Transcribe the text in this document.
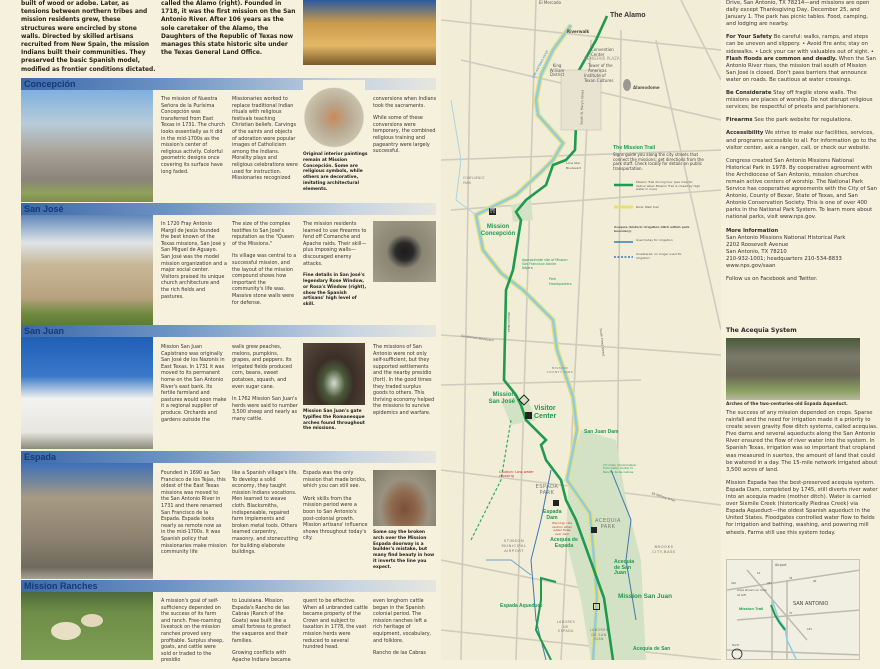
built of wood or adobe. Later, as tensions between northern tribes and mission residents grew, these structures were encircled by stone walls. Directed by skilled artisans recruited from New Spain, the mission Indians built their communities. They preserved the basic Spanish model, modified as frontier conditions dictated.
called the Alamo (right). Founded in 1718, it was the first mission on the San Antonio River. After 106 years as the sole caretaker of the Alamo, the Daughters of the Republic of Texas now manages this state historic site under the Texas General Land Office.
Concepción
The mission of Nuestra Señora de la Purísima Concepción was transferred from East Texas in 1731. The church looks essentially as it did in the mid-1700s as the mission's center of religious activity. Colorful geometric designs once covering its surface have long faded.
Missionaries worked to replace traditional Indian rituals with religious festivals teaching Christian beliefs. Carvings of the saints and objects of adoration were popular images of Catholicism among the Indians. Morality plays and religious celebrations were used for instruction. Missionaries recognized
Original interior paintings remain at Mission Concepción. Some are religious symbols, while others are decorative, imitating architectural elements.

conversions when Indians took the sacraments.

While some of these conversions were temporary, the combined religious training and pageantry were largely successful.

San José
In 1720 Fray Antonio Margil de Jesús founded the best known of the Texas missions, San José y San Miguel de Aguayo. San José was the model mission organization and a major social center. Visitors praised its unique church architecture and the rich fields and pastures.

The size of the complex testifies to San José's reputation as the "Queen of the Missions."

Its village was central to a successful mission, and the layout of the mission compound shows how important the community's life was. Massive stone walls were for defense.

The mission residents learned to use firearms to fend off Comanche and Apache raids. Their skill—plus imposing walls—discouraged enemy attacks.

Fine details in San José's legendary Rose Window, or Rosa's Window (right), show the Spanish artisans' high level of skill.

San Juan
Mission San Juan Capistrano was originally San José de los Nazonis in East Texas. In 1731 it was moved to its permanent home on the San Antonio River's east bank. Its fertile farmland and pastures would soon make it a regional supplier of produce. Orchards and gardens outside the

walls grew peaches, melons, pumpkins, grapes, and peppers. Its irrigated fields produced corn, beans, sweet potatoes, squash, and even sugar cane.

In 1762 Mission San Juan's herds were said to number 3,500 sheep and nearly as many cattle.

Mission San Juan's gate typifies the Romanesque arches found throughout the missions.
The missions of San Antonio were not only self-sufficient, but they supported settlements and the nearby presidio (fort). In the good times they traded surplus goods to others. This thriving economy helped the missions to survive epidemics and warfare.
Espada
Founded in 1690 as San Francisco de los Tejas, this oldest of the East Texas missions was moved to the San Antonio River in 1731 and there renamed San Francisco de la Espada. Espada looks nearly as remote now as in the mid-1700s. It was Spanish policy that missionaries make mission community life
like a Spanish village's life. To develop a solid economy, they taught mission Indians vocations. Men learned to weave cloth. Blacksmiths, indispensable, repaired farm implements and broken metal tools. Others learned carpentry, masonry, and stonecutting for building elaborate buildings.

Espada was the only mission that made bricks, which you can still see.

Work skills from the mission period were a boon to San Antonio's post-colonial growth. Mission artisans' influence shows throughout today's city.

Some say the broken arch over the Mission Espada doorway is a builder's mistake, but many find beauty in how it inverts the line you expect.
Mission Ranches
A mission's goal of self-sufficiency depended on the success of its farm and ranch. Free-roaming livestock on the mission ranches proved very profitable. Surplus sheep, goats, and cattle were sold or traded to the presidio

to Louisiana. Mission Espada's Rancho de las Cabras (Ranch of the Goats) was built like a small fortress to protect the vaqueros and their families.

Growing conflicts with Apache Indians became

quent to be effective. When all unbranded cattle became property of the Crown and subject to taxation in 1778, the vast mission herds were reduced to several hundred head.

even longhorn cattle began in the Spanish colonial period. The mission ranches left a rich heritage of equipment, vocabulary, and folklore.

Rancho de las Cabras

El Mercado
The Alamo
Riverwalk
Convention Center
HEMISFAIR PLAZA
Tower of the Americas
Institute of Texan Cultures
Alamodome
King William District
SAN ANTONIO RIVER
South St. Mary's Street
Lone Star Boulevard
CONFLUENCE PARK
The Mission Trail
Signs guide you along the city streets that connect the missions; get directions from the park staff. Check locally for details on public transportation.
Mission Trail driving tour (see map for detour when Mission Trail is closed by high water in river)
River Walk trail
Acequia (historic irrigation ditch within park boundary)
Used today for irrigation
Unwatered, no longer used for irrigation
⛩
Mission Concepción
Approximate site of Mission San Francisco Xavier Nájera
Park Headquarters
Mission Road
Southcross Boulevard	South Presa Street
MISSION COUNTY PARK
Mission San José
Visitor Center
San Juan Dam
2½ miles (4 kilometers) from Visitor Center to Rancho de las Cabras
Caution: Low-water crossing
ESPADA PARK	SE Military Drive
Espada Dam
Warning: Use caution when water flows over dam
ACEQUIA PARK
Acequia de Espada
STINSON MUNICIPAL AIRPORT
BROOKS CITY-BASE
Acequia de San Juan
Mission San Juan
Espada Aqueduct
LABORES DE ESPADA	LABORES DE SAN JUAN
Acequia de San

Drive, San Antonio, TX 78214—and missions are open daily except Thanksgiving Day, December 25, and January 1. The park has picnic tables. Food, camping, and lodging are nearby.

For Your Safety Be careful: walks, ramps, and steps can be uneven and slippery. • Avoid fire ants; stay on sidewalks. • Lock your car with valuables out of sight. • Flash floods are common and deadly. When the San Antonio River rises, the mission trail south of Mission San José is closed. Don't pass barriers that announce water on roads. Be cautious at water crossings.

Be Considerate Stay off fragile stone walls. The missions are places of worship. Do not disrupt religious services; be respectful of priests and parishioners.

Firearms See the park website for regulations.

Accessibility We strive to make our facilities, services, and programs accessible to all. For information go to the visitor center, ask a ranger, call, or check our website.

Congress created San Antonio Missions National Historical Park in 1978. By cooperative agreement with the Archdiocese of San Antonio, mission churches remain active centers of worship. The National Park Service has cooperative agreements with the City of San Antonio, County of Bexar, State of Texas, and San Antonio Conservation Society. This is one of over 400 parks in the National Park System. To learn more about national parks, visit www.nps.gov.

More Information
San Antonio Missions National Historical Park
2202 Roosevelt Avenue
San Antonio, TX 78210
210-932-1001; headquarters 210-534-8833
www.nps.gov/saan

Follow us on Facebook and Twitter.

The Acequia System
Arches of the two-centuries-old Espada Aqueduct.

The success of any mission depended on crops. Sparse rainfall and the need for irrigation made it a priority to create seven gravity flow ditch systems, called acequias. Five dams and several aqueducts along the San Antonio River ensured the flow of river water into the system. In Spanish Texas, irrigation was so important that cropland was measured in suertes, the amount of land that could be watered in a day. The 15-mile network irrigated about 3,500 acres of land.

Mission Espada has the best-preserved acequia system. Espada Dam, completed by 1745, still diverts river water into an acequia madre (mother ditch). Water is carried over Sixmile Creek (historically Piedras Creek) via Espada Aqueduct—the oldest Spanish aqueduct in the United States. Floodgates controlled water flow to fields for irrigation and bathing, washing, and powering mill wheels. Farms still use this system today.

Airport
Area shown on map at left
Mission Trail
SAN ANTONIO
North
10
281
35
90
410
37
181
